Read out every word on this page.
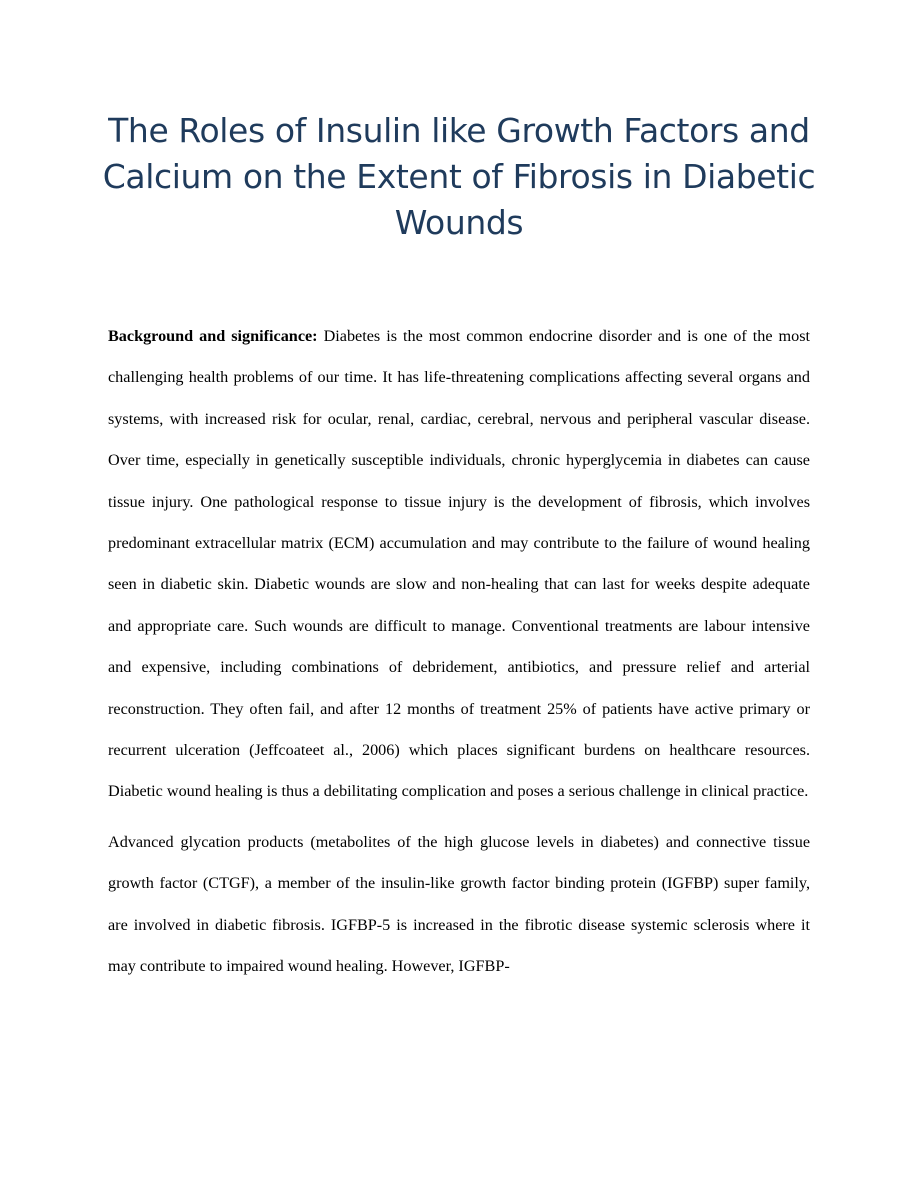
The Roles of Insulin like Growth Factors and Calcium on the Extent of Fibrosis in Diabetic Wounds

Background and significance: Diabetes is the most common endocrine disorder and is one of the most challenging health problems of our time. It has life-threatening complications affecting several organs and systems, with increased risk for ocular, renal, cardiac, cerebral, nervous and peripheral vascular disease. Over time, especially in genetically susceptible individuals, chronic hyperglycemia in diabetes can cause tissue injury. One pathological response to tissue injury is the development of fibrosis, which involves predominant extracellular matrix (ECM) accumulation and may contribute to the failure of wound healing seen in diabetic skin. Diabetic wounds are slow and non-healing that can last for weeks despite adequate and appropriate care. Such wounds are difficult to manage. Conventional treatments are labour intensive and expensive, including combinations of debridement, antibiotics, and pressure relief and arterial reconstruction. They often fail, and after 12 months of treatment 25% of patients have active primary or recurrent ulceration (Jeffcoateet al., 2006) which places significant burdens on healthcare resources. Diabetic wound healing is thus a debilitating complication and poses a serious challenge in clinical practice.

Advanced glycation products (metabolites of the high glucose levels in diabetes) and connective tissue growth factor (CTGF), a member of the insulin-like growth factor binding protein (IGFBP) super family, are involved in diabetic fibrosis. IGFBP-5 is increased in the fibrotic disease systemic sclerosis where it may contribute to impaired wound healing. However, IGFBP-
